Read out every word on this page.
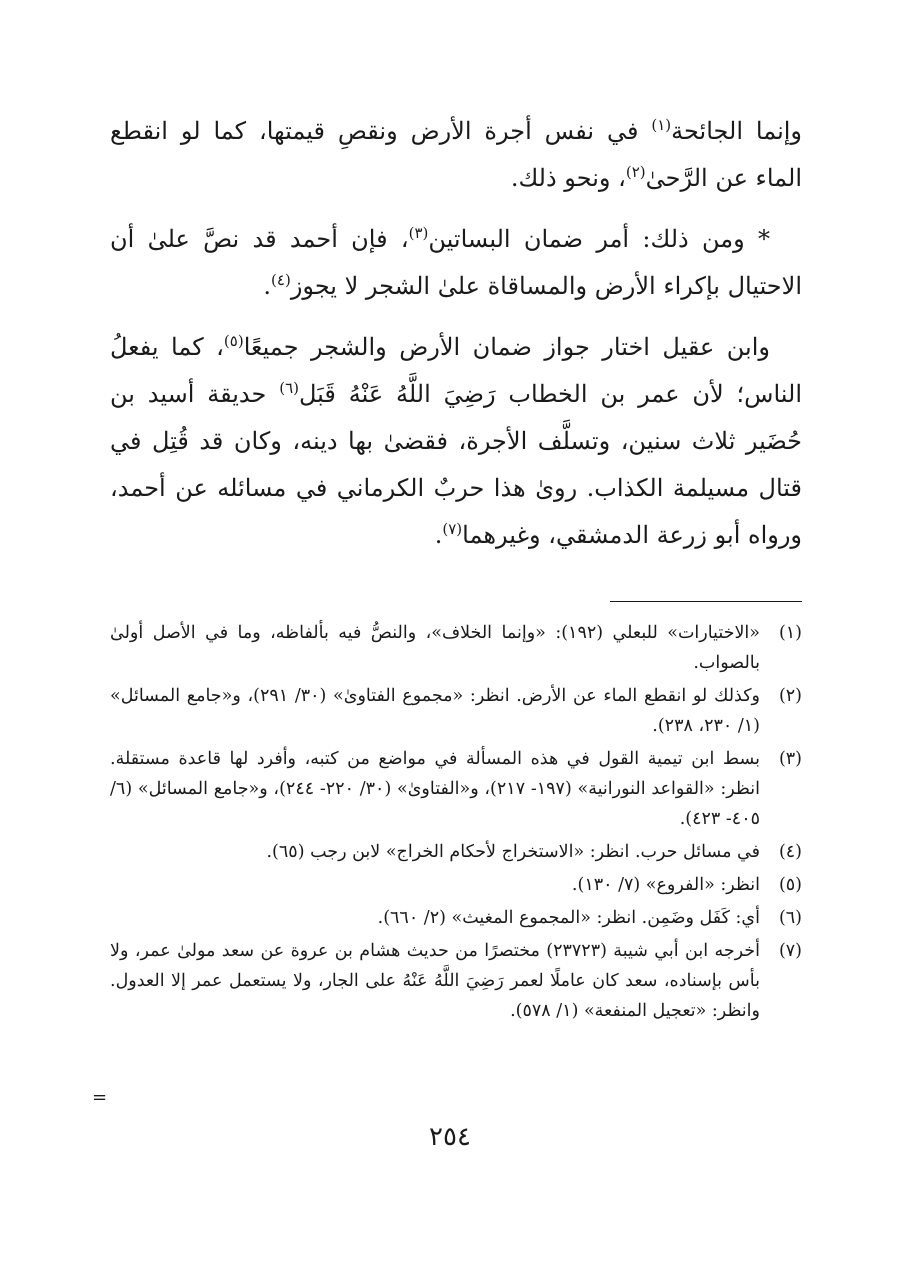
وإنما الجائحة$^{(١)}$ في نفس أجرة الأرض ونقصِ قيمتها، كما لو انقطع الماء عن الرَّحىٰ$^{(٢)}$، ونحو ذلك.

* ومن ذلك: أمر ضمان البساتين$^{(٣)}$، فإن أحمد قد نصَّ علىٰ أن الاحتيال بإكراء الأرض والمساقاة علىٰ الشجر لا يجوز$^{(٤)}$.

وابن عقيل اختار جواز ضمان الأرض والشجر جميعًا$^{(٥)}$، كما يفعلُ الناس؛ لأن عمر بن الخطاب رَضِيَ اللَّهُ عَنْهُ قَبَل$^{(٦)}$ حديقة أسيد بن حُضَير ثلاث سنين، وتسلَّف الأجرة، فقضىٰ بها دينه، وكان قد قُتِل في قتال مسيلمة الكذاب. روىٰ هذا حربٌ الكرماني في مسائله عن أحمد، ورواه أبو زرعة الدمشقي، وغيرهما$^{(٧)}$.

(١)
«الاختيارات» للبعلي (١٩٢): «وإنما الخلاف»، والنصُّ فيه بألفاظه، وما في الأصل أولىٰ بالصواب.
(٢)
وكذلك لو انقطع الماء عن الأرض. انظر: «مجموع الفتاوىٰ» (٣٠/ ٢٩١)، و«جامع المسائل» (١/ ٢٣٠، ٢٣٨).
(٣)
بسط ابن تيمية القول في هذه المسألة في مواضع من كتبه، وأفرد لها قاعدة مستقلة. انظر: «القواعد النورانية» (١٩٧- ٢١٧)، و«الفتاوىٰ» (٣٠/ ٢٢٠- ٢٤٤)، و«جامع المسائل» (٦/ ٤٠٥- ٤٢٣).
(٤)
في مسائل حرب. انظر: «الاستخراج لأحكام الخراج» لابن رجب (٦٥).
(٥)
انظر: «الفروع» (٧/ ١٣٠).
(٦)
أي: كَفَل وضَمِن. انظر: «المجموع المغيث» (٢/ ٦٦٠).
(٧)
أخرجه ابن أبي شيبة (٢٣٧٢٣) مختصرًا من حديث هشام بن عروة عن سعد مولىٰ عمر، ولا بأس بإسناده، سعد كان عاملًا لعمر رَضِيَ اللَّهُ عَنْهُ على الجار، ولا يستعمل عمر إلا العدول. وانظر: «تعجيل المنفعة» (١/ ٥٧٨).
=
٢٥٤
